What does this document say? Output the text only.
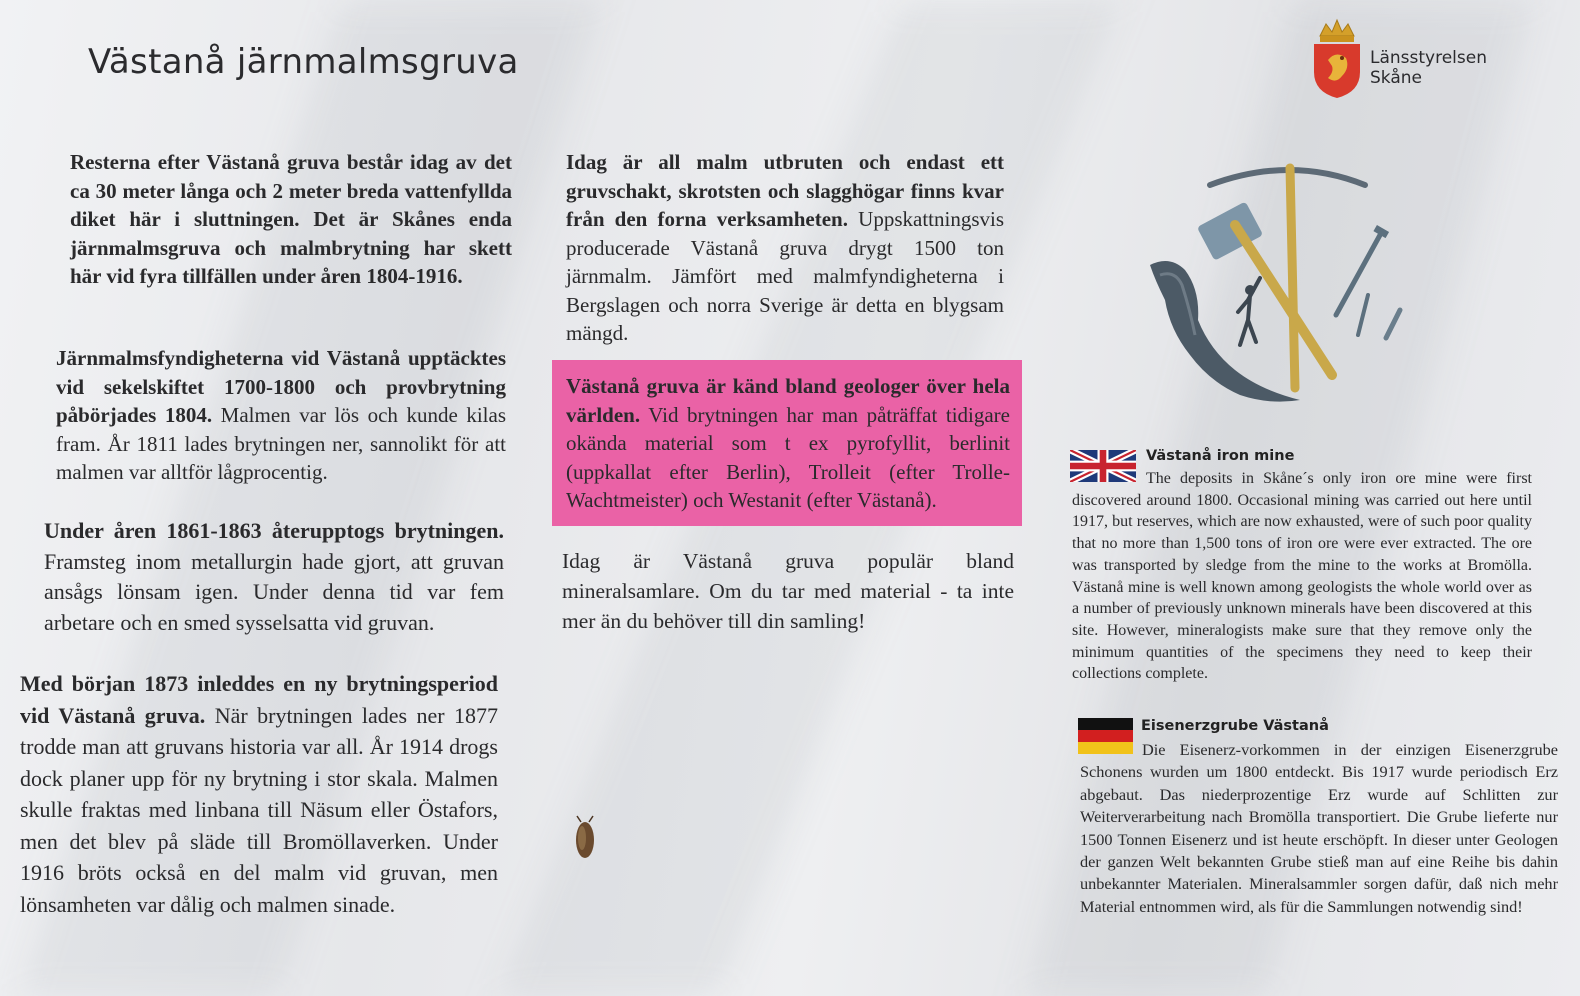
Västanå järnmalmsgruva	Länsstyrelsen
Skåne

Resterna efter Västanå gruva består idag av det ca 30 meter långa och 2 meter breda vattenfyllda diket här i sluttningen. Det är Skånes enda järnmalmsgruva och malmbrytning har skett här vid fyra tillfällen under åren 1804-1916.

Järnmalmsfyndigheterna vid Västanå upptäcktes vid sekelskiftet 1700-1800 och provbrytning påbörjades 1804. Malmen var lös och kunde kilas fram. År 1811 lades brytningen ner, sannolikt för att malmen var alltför lågprocentig.

Under åren 1861-1863 återupptogs brytningen. Framsteg inom metallurgin hade gjort, att gruvan ansågs lönsam igen. Under denna tid var fem arbetare och en smed sysselsatta vid gruvan.

Med början 1873 inleddes en ny brytningsperiod vid Västanå gruva. När brytningen lades ner 1877 trodde man att gruvans historia var all. År 1914 drogs dock planer upp för ny brytning i stor skala. Malmen skulle fraktas med linbana till Näsum eller Östafors, men det blev på släde till Bromöllaverken. Under 1916 bröts också en del malm vid gruvan, men lönsamheten var dålig och malmen sinade.

Idag är all malm utbruten och endast ett gruvschakt, skrotsten och slagghögar finns kvar från den forna verksamheten. Uppskattningsvis producerade Västanå gruva drygt 1500 ton järnmalm. Jämfört med malmfyndigheterna i Bergslagen och norra Sverige är detta en blygsam mängd.

Västanå gruva är känd bland geologer över hela världen. Vid brytningen har man påträffat tidigare okända material som t ex pyrofyllit, berlinit (uppkallat efter Berlin), Trolleit (efter Trolle-Wachtmeister) och Westanit (efter Västanå).

Idag är Västanå gruva populär bland mineralsamlare. Om du tar med material - ta inte mer än du behöver till din samling!

Västanå iron mine

The deposits in Skåne´s only iron ore mine were first discovered around 1800. Occasional mining was carried out here until 1917, but reserves, which are now exhausted, were of such poor quality that no more than 1,500 tons of iron ore were ever extracted. The ore was transported by sledge from the mine to the works at Bromölla. Västanå mine is well known among geologists the whole world over as a number of previously unknown minerals have been discovered at this site. However, mineralogists make sure that they remove only the minimum quantities of the specimens they need to keep their collections complete.

Eisenerzgrube Västanå

Die Eisenerz-vorkommen in der einzigen Eisenerzgrube Schonens wurden um 1800 entdeckt. Bis 1917 wurde periodisch Erz abgebaut. Das niederprozentige Erz wurde auf Schlitten zur Weiterverarbeitung nach Bromölla transportiert. Die Grube lieferte nur 1500 Tonnen Eisenerz und ist heute erschöpft. In dieser unter Geologen der ganzen Welt bekannten Grube stieß man auf eine Reihe bis dahin unbekannter Materialen. Mineralsammler sorgen dafür, daß nich mehr Material entnommen wird, als für die Sammlungen notwendig sind!
